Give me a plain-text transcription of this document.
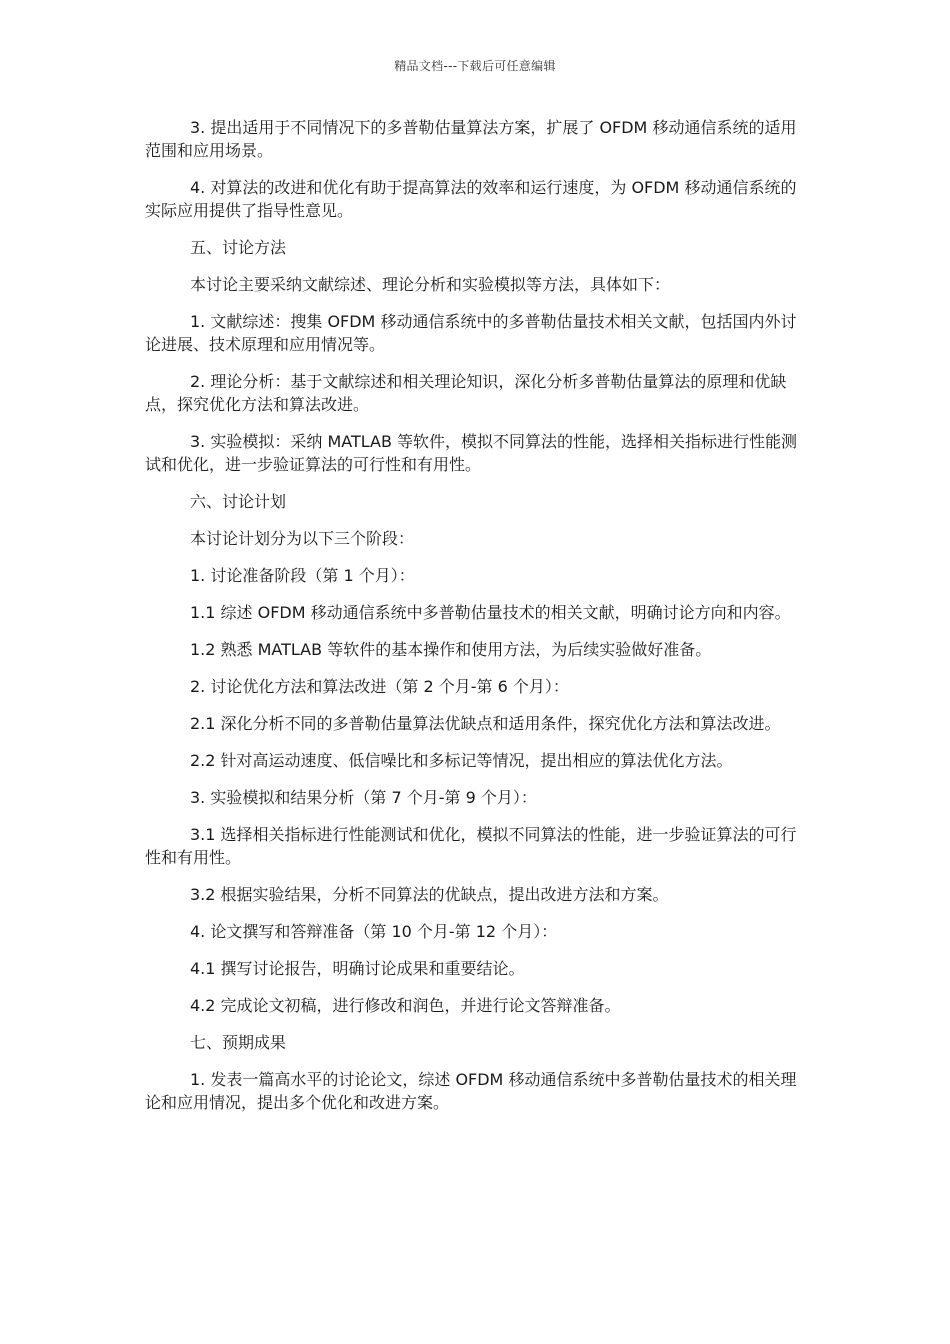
精品文档---下载后可任意编辑

3. 提出适用于不同情况下的多普勒估量算法方案，扩展了 OFDM 移动通信系统的适用范围和应用场景。

4. 对算法的改进和优化有助于提高算法的效率和运行速度，为 OFDM 移动通信系统的实际应用提供了指导性意见。

五、讨论方法

本讨论主要采纳文献综述、理论分析和实验模拟等方法，具体如下：

1. 文献综述：搜集 OFDM 移动通信系统中的多普勒估量技术相关文献，包括国内外讨论进展、技术原理和应用情况等。

2. 理论分析：基于文献综述和相关理论知识，深化分析多普勒估量算法的原理和优缺点，探究优化方法和算法改进。

3. 实验模拟：采纳 MATLAB 等软件，模拟不同算法的性能，选择相关指标进行性能测试和优化，进一步验证算法的可行性和有用性。

六、讨论计划

本讨论计划分为以下三个阶段：

1. 讨论准备阶段（第 1 个月）：

1.1 综述 OFDM 移动通信系统中多普勒估量技术的相关文献，明确讨论方向和内容。

1.2 熟悉 MATLAB 等软件的基本操作和使用方法，为后续实验做好准备。

2. 讨论优化方法和算法改进（第 2 个月-第 6 个月）：

2.1 深化分析不同的多普勒估量算法优缺点和适用条件，探究优化方法和算法改进。

2.2 针对高运动速度、低信噪比和多标记等情况，提出相应的算法优化方法。

3. 实验模拟和结果分析（第 7 个月-第 9 个月）：

3.1 选择相关指标进行性能测试和优化，模拟不同算法的性能，进一步验证算法的可行性和有用性。

3.2 根据实验结果，分析不同算法的优缺点，提出改进方法和方案。

4. 论文撰写和答辩准备（第 10 个月-第 12 个月）：

4.1 撰写讨论报告，明确讨论成果和重要结论。

4.2 完成论文初稿，进行修改和润色，并进行论文答辩准备。

七、预期成果

1. 发表一篇高水平的讨论论文，综述 OFDM 移动通信系统中多普勒估量技术的相关理论和应用情况，提出多个优化和改进方案。
